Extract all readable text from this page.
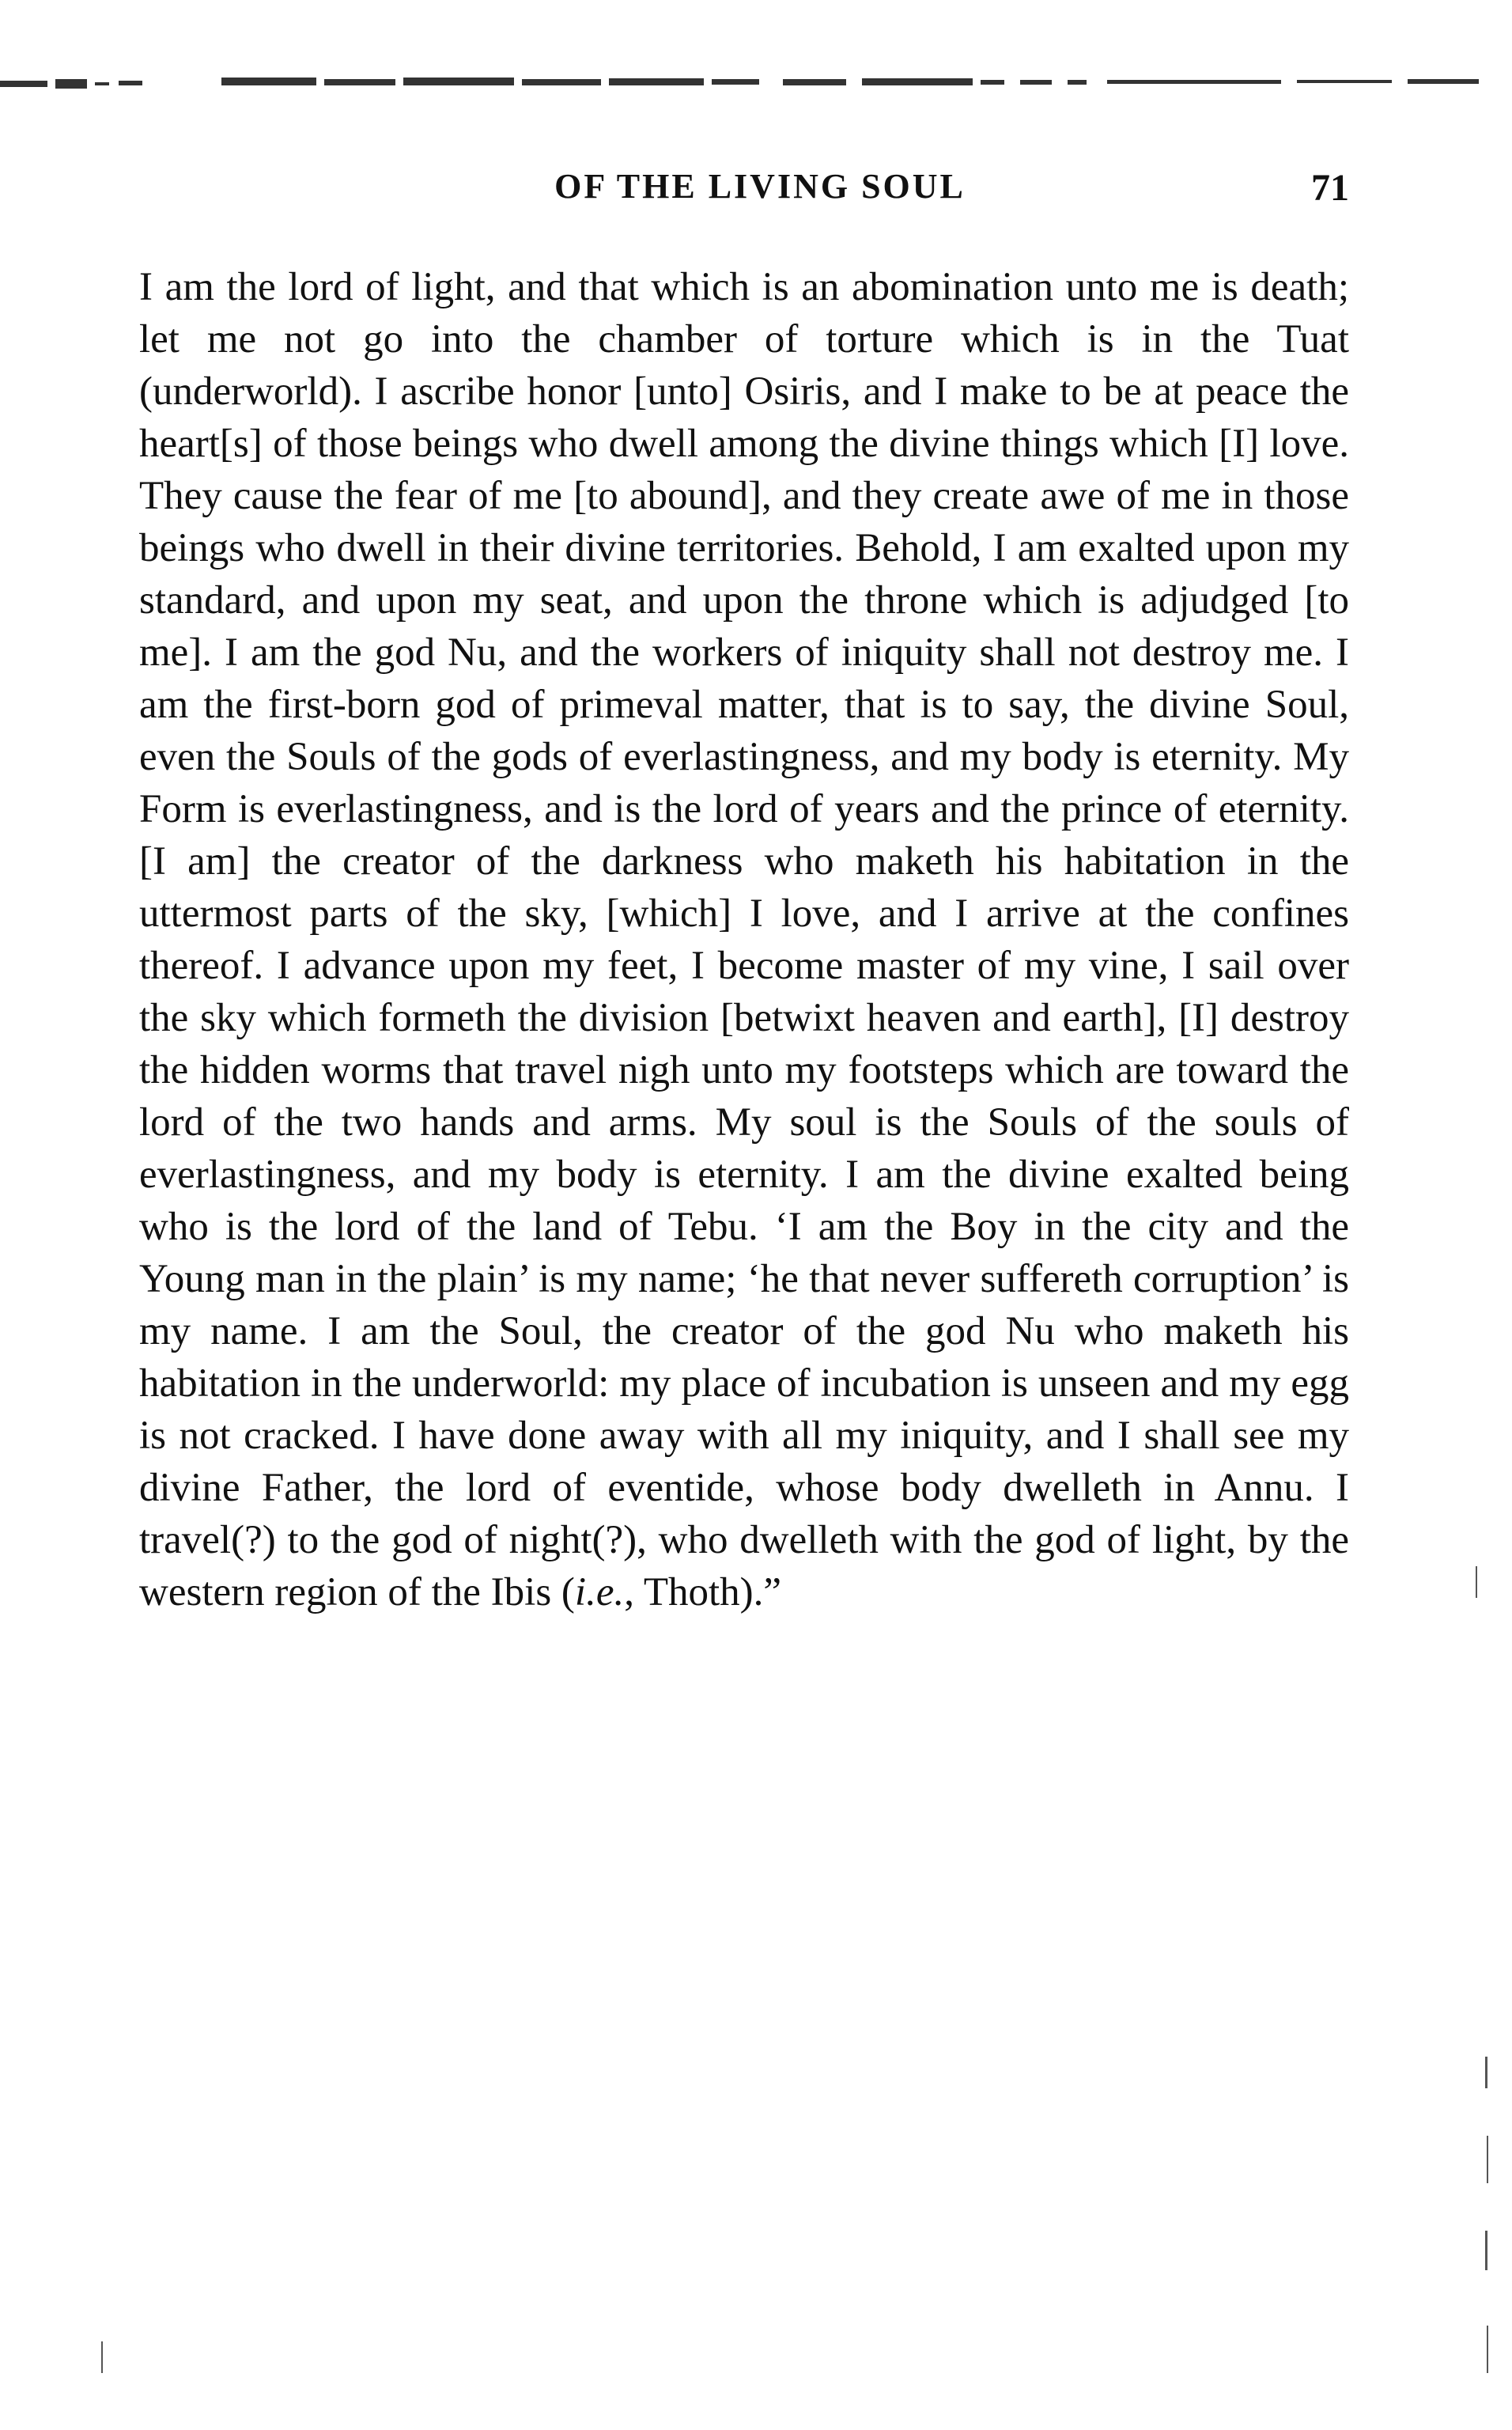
OF THE LIVING SOUL	71

I am the lord of light, and that which is an abomination unto me is death; let me not go into the chamber of torture which is in the Tuat (underworld). I ascribe honor [unto] Osiris, and I make to be at peace the heart[s] of those beings who dwell among the divine things which [I] love. They cause the fear of me [to abound], and they create awe of me in those beings who dwell in their divine territories. Behold, I am exalted upon my standard, and upon my seat, and upon the throne which is adjudged [to me]. I am the god Nu, and the workers of iniquity shall not destroy me. I am the first-born god of primeval matter, that is to say, the divine Soul, even the Souls of the gods of everlastingness, and my body is eternity. My Form is everlastingness, and is the lord of years and the prince of eternity. [I am] the creator of the darkness who maketh his habitation in the uttermost parts of the sky, [which] I love, and I arrive at the confines thereof. I advance upon my feet, I become master of my vine, I sail over the sky which formeth the division [betwixt heaven and earth], [I] destroy the hidden worms that travel nigh unto my footsteps which are toward the lord of the two hands and arms. My soul is the Souls of the souls of everlastingness, and my body is eternity. I am the divine exalted being who is the lord of the land of Tebu. ‘I am the Boy in the city and the Young man in the plain’ is my name; ‘he that never suffereth corruption’ is my name. I am the Soul, the creator of the god Nu who maketh his habitation in the underworld: my place of incubation is unseen and my egg is not cracked. I have done away with all my iniquity, and I shall see my divine Father, the lord of eventide, whose body dwelleth in Annu. I travel(?) to the god of night(?), who dwelleth with the god of light, by the western region of the Ibis (i.e., Thoth).”
